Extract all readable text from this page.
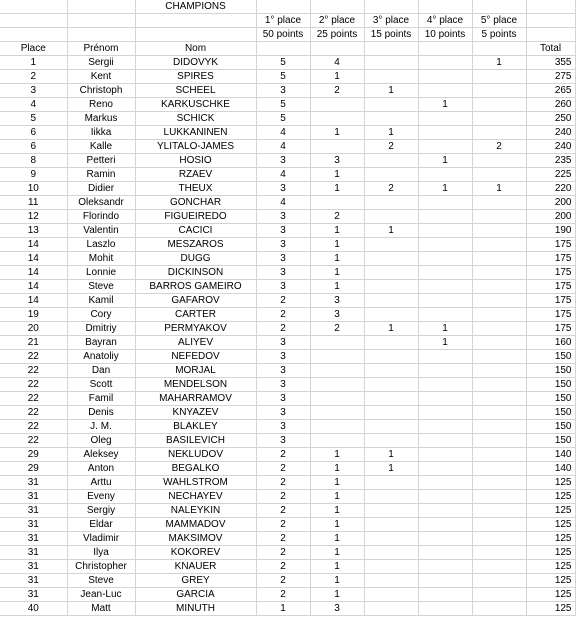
		CHAMPIONS						
			1° place	2° place	3° place	4° place	5° place	
			50 points	25 points	15 points	10 points	5 points	
Place	Prénom	Nom						Total
1	Sergii	DIDOVYK	5	4			1	355
2	Kent	SPIRES	5	1				275
3	Christoph	SCHEEL	3	2	1			265
4	Reno	KARKUSCHKE	5			1		260
5	Markus	SCHICK	5					250
6	Iikka	LUKKANINEN	4	1	1			240
6	Kalle	YLITALO-JAMES	4		2		2	240
8	Petteri	HOSIO	3	3		1		235
9	Ramin	RZAEV	4	1				225
10	Didier	THEUX	3	1	2	1	1	220
11	Oleksandr	GONCHAR	4					200
12	Florindo	FIGUEIREDO	3	2				200
13	Valentin	CACICI	3	1	1			190
14	Laszlo	MESZAROS	3	1				175
14	Mohit	DUGG	3	1				175
14	Lonnie	DICKINSON	3	1				175
14	Steve	BARROS GAMEIRO	3	1				175
14	Kamil	GAFAROV	2	3				175
19	Cory	CARTER	2	3				175
20	Dmitriy	PERMYAKOV	2	2	1	1		175
21	Bayran	ALIYEV	3			1		160
22	Anatoliy	NEFEDOV	3					150
22	Dan	MORJAL	3					150
22	Scott	MENDELSON	3					150
22	Famil	MAHARRAMOV	3					150
22	Denis	KNYAZEV	3					150
22	J. M.	BLAKLEY	3					150
22	Oleg	BASILEVICH	3					150
29	Aleksey	NEKLUDOV	2	1	1			140
29	Anton	BEGALKO	2	1	1			140
31	Arttu	WAHLSTROM	2	1				125
31	Eveny	NECHAYEV	2	1				125
31	Sergiy	NALEYKIN	2	1				125
31	Eldar	MAMMADOV	2	1				125
31	Vladimir	MAKSIMOV	2	1				125
31	Ilya	KOKOREV	2	1				125
31	Christopher	KNAUER	2	1				125
31	Steve	GREY	2	1				125
31	Jean-Luc	GARCIA	2	1				125
40	Matt	MINUTH	1	3				125
